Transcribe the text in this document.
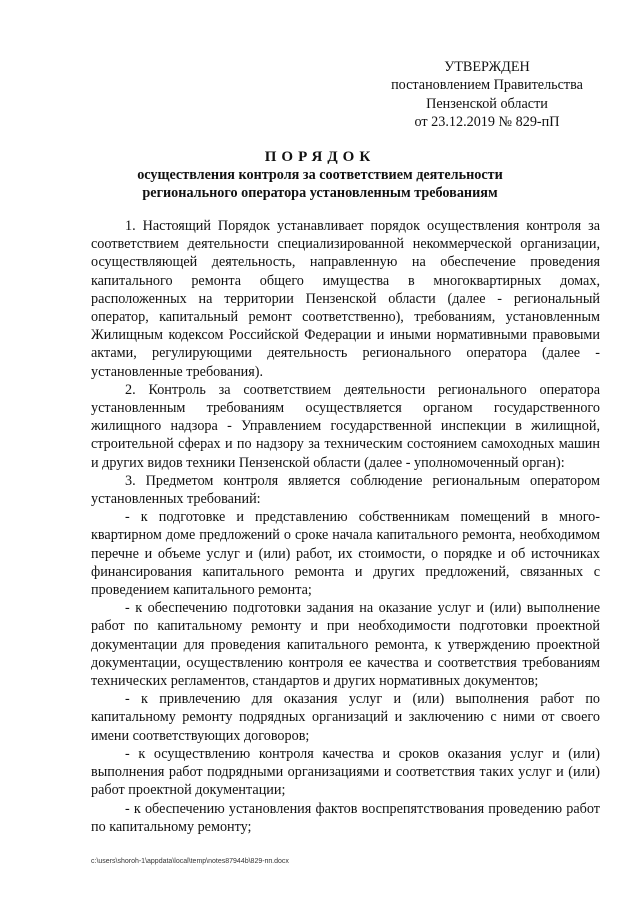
УТВЕРЖДЕН
постановлением Правительства
Пензенской области
от 23.12.2019 № 829-пП
ПОРЯДОК
осуществления контроля за соответствием деятельности
регионального оператора установленным требованиям

1. Настоящий Порядок устанавливает порядок осуществления контроля за соответствием деятельности специализированной некоммерческой организации, осуществляющей деятельность, направленную на обеспечение проведения капитального ремонта общего имущества в многоквартирных домах, расположенных на территории Пензенской области (далее - региональный оператор, капитальный ремонт соответственно), требованиям, установленным Жилищным кодексом Российской Федерации и иными нормативными правовыми актами, регулирующими деятельность регионального оператора (далее - установленные требования).

2. Контроль за соответствием деятельности регионального оператора установленным требованиям осуществляется органом государственного жилищного надзора - Управлением государственной инспекции в жилищной, строительной сферах и по надзору за техническим состоянием самоходных машин и других видов техники Пензенской области (далее - уполномоченный орган):

3. Предметом контроля является соблюдение региональным оператором установленных требований:

- к подготовке и представлению собственникам помещений в много-квартирном доме предложений о сроке начала капитального ремонта, необходимом перечне и объеме услуг и (или) работ, их стоимости, о порядке и об источниках финансирования капитального ремонта и других предложений, связанных с проведением капитального ремонта;

- к обеспечению подготовки задания на оказание услуг и (или) выполнение работ по капитальному ремонту и при необходимости подготовки проектной документации для проведения капитального ремонта, к утверждению проектной документации, осуществлению контроля ее качества и соответствия требованиям технических регламентов, стандартов и других нормативных документов;

- к привлечению для оказания услуг и (или) выполнения работ по капитальному ремонту подрядных организаций и заключению с ними от своего имени соответствующих договоров;

- к осуществлению контроля качества и сроков оказания услуг и (или) выполнения работ подрядными организациями и соответствия таких услуг и (или) работ проектной документации;

- к обеспечению установления фактов воспрепятствования проведению работ по капитальному ремонту;

c:\users\shoroh-1\appdata\local\temp\notes87944b\829-пп.docx
